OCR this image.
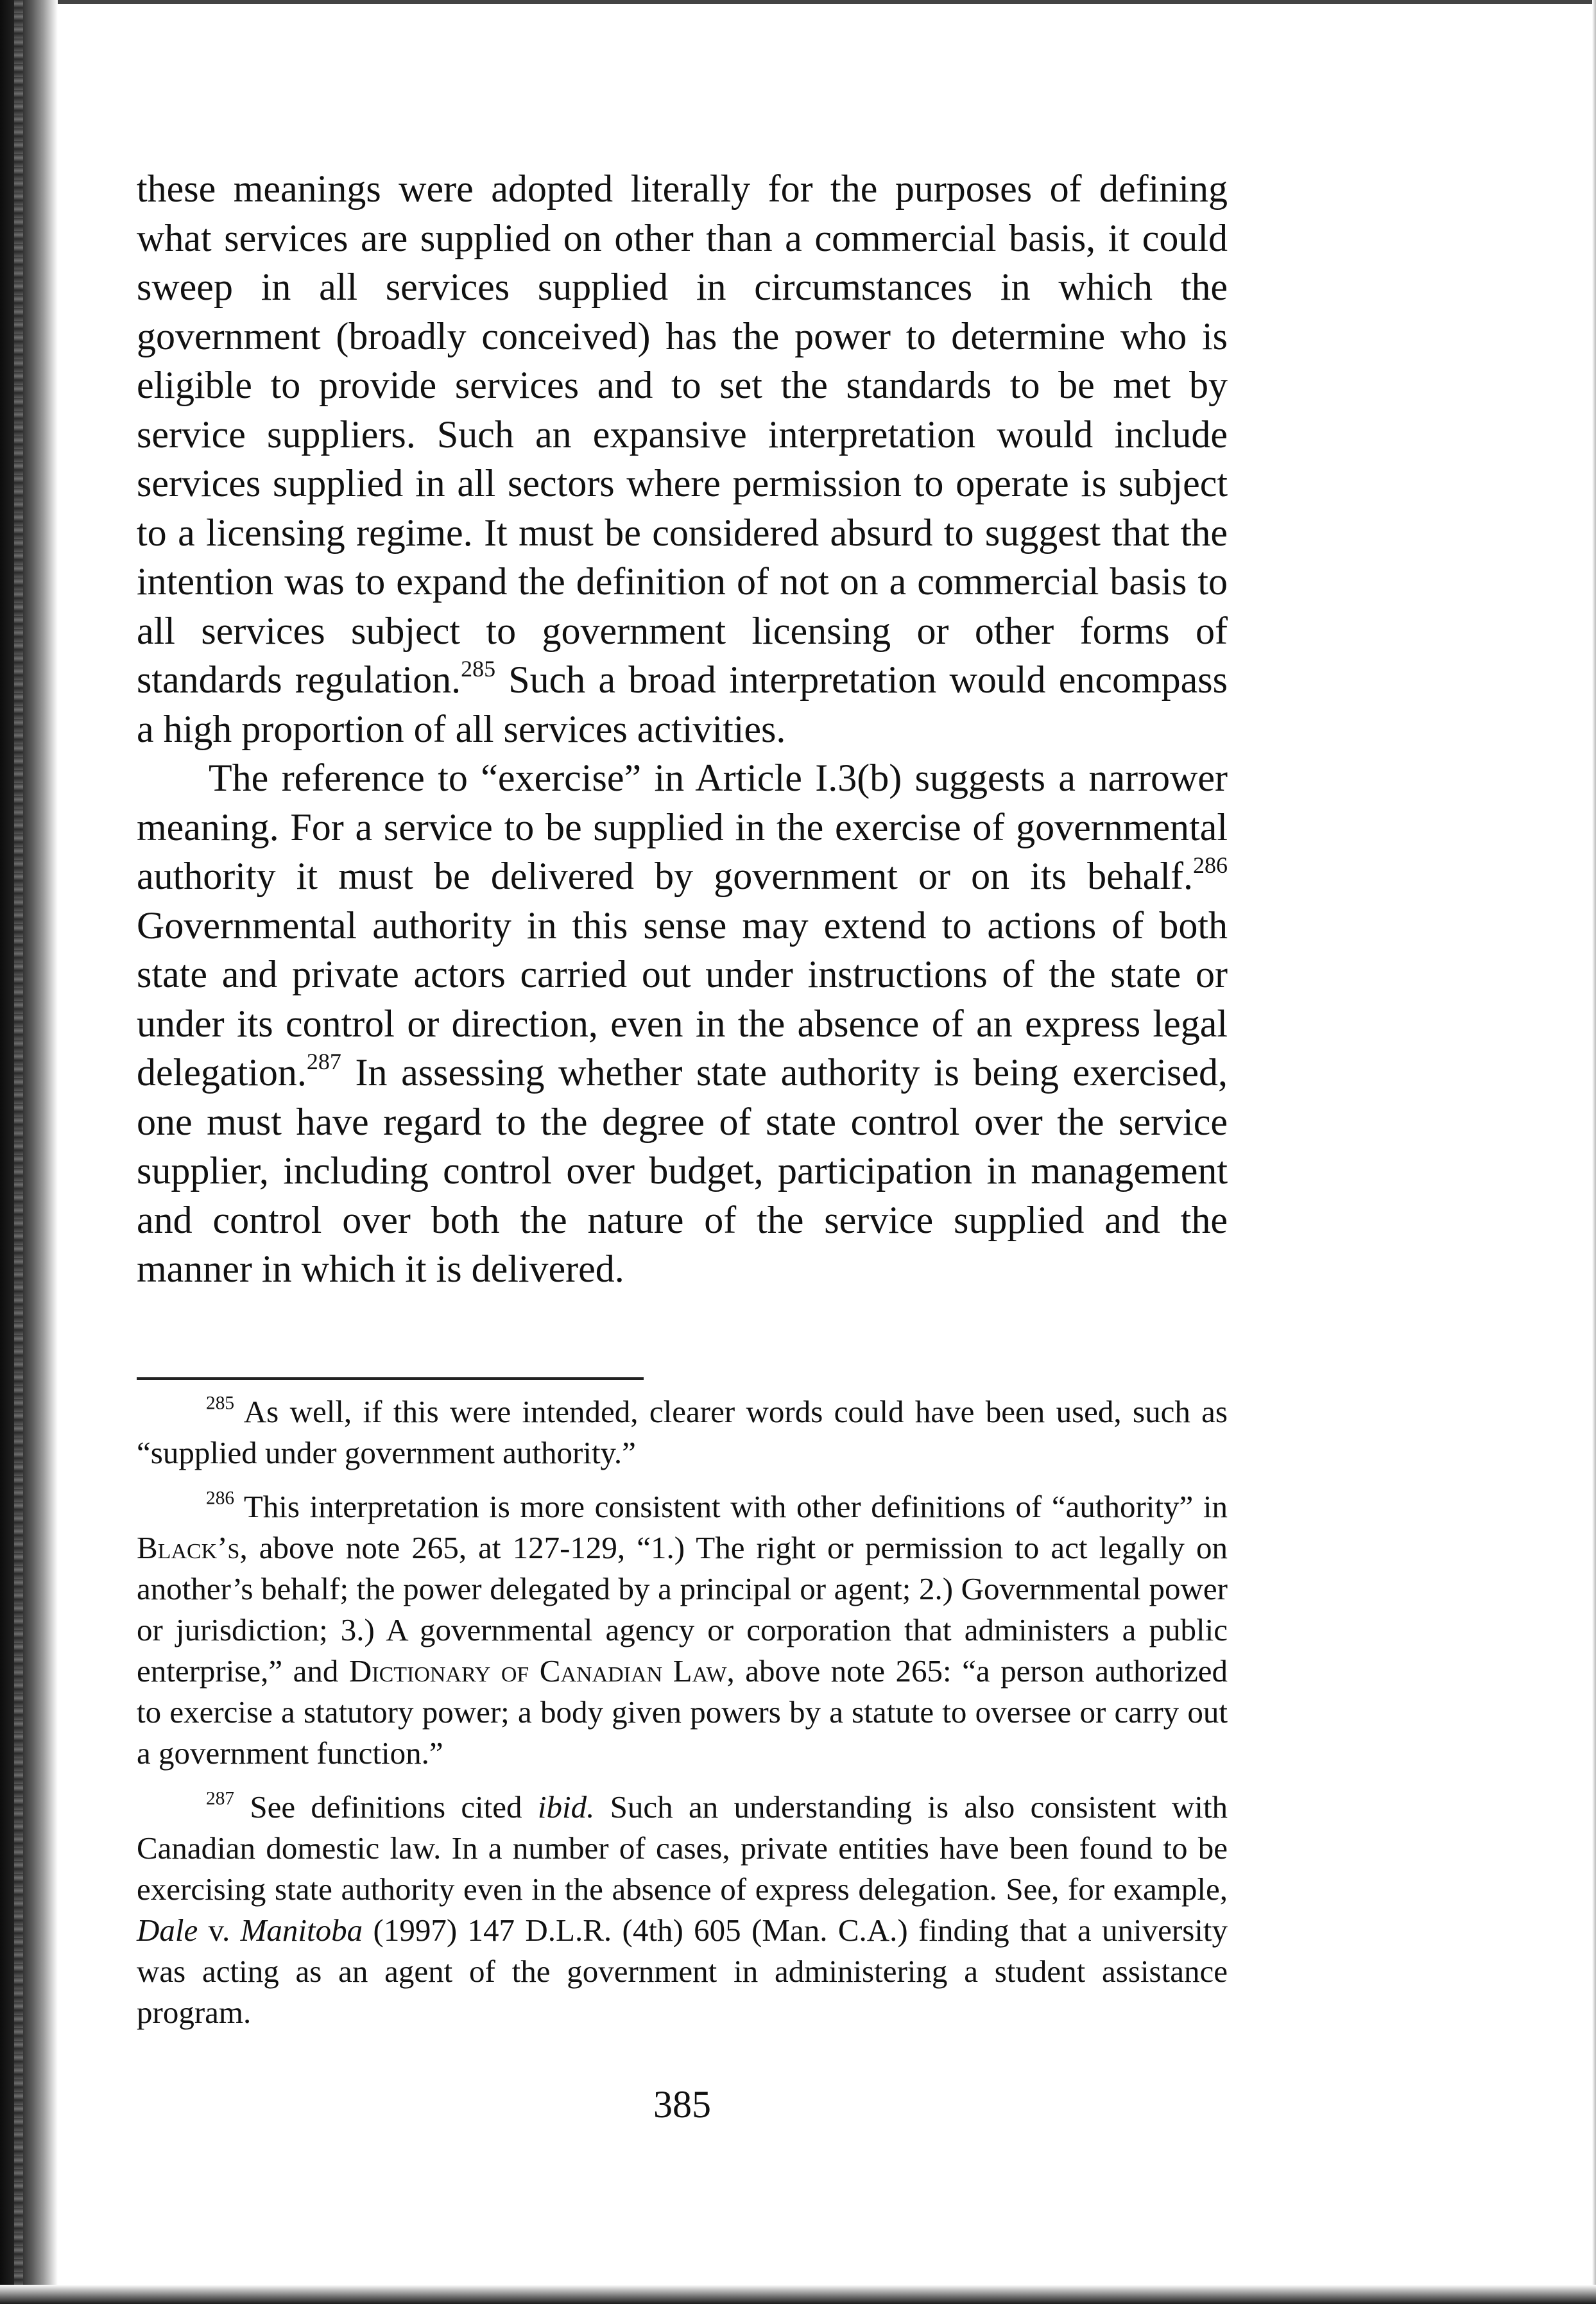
these meanings were adopted literally for the purposes of defining what services are supplied on other than a commercial basis, it could sweep in all services supplied in circumstances in which the government (broadly conceived) has the power to determine who is eligible to provide services and to set the standards to be met by service suppliers. Such an expansive interpretation would include services supplied in all sectors where permission to operate is subject to a licensing regime. It must be considered absurd to suggest that the intention was to expand the definition of not on a commercial basis to all services subject to government licensing or other forms of standards regulation.$^{285}$ Such a broad interpretation would encompass a high proportion of all services activities.

The reference to “exercise” in Article I.3(b) suggests a narrower meaning. For a service to be supplied in the exercise of governmental authority it must be delivered by government or on its behalf.$^{286}$ Governmental authority in this sense may extend to actions of both state and private actors carried out under instructions of the state or under its control or direction, even in the absence of an express legal delegation.$^{287}$ In assessing whether state authority is being exercised, one must have regard to the degree of state control over the service supplier, including control over budget, participation in management and control over both the nature of the service supplied and the manner in which it is delivered.

$^{285}$ As well, if this were intended, clearer words could have been used, such as “supplied under government authority.”

$^{286}$ This interpretation is more consistent with other definitions of “authority” in Black’s, above note 265, at 127-129, “1.) The right or permission to act legally on another’s behalf; the power delegated by a principal or agent; 2.) Governmental power or jurisdiction; 3.) A governmental agency or corporation that administers a public enterprise,” and Dictionary of Canadian Law, above note 265: “a person authorized to exercise a statutory power; a body given powers by a statute to oversee or carry out a government function.”

$^{287}$ See definitions cited ibid. Such an understanding is also consistent with Canadian domestic law. In a number of cases, private entities have been found to be exercising state authority even in the absence of express delegation. See, for example, Dale v. Manitoba (1997) 147 D.L.R. (4th) 605 (Man. C.A.) finding that a university was acting as an agent of the government in administering a student assistance program.

385
